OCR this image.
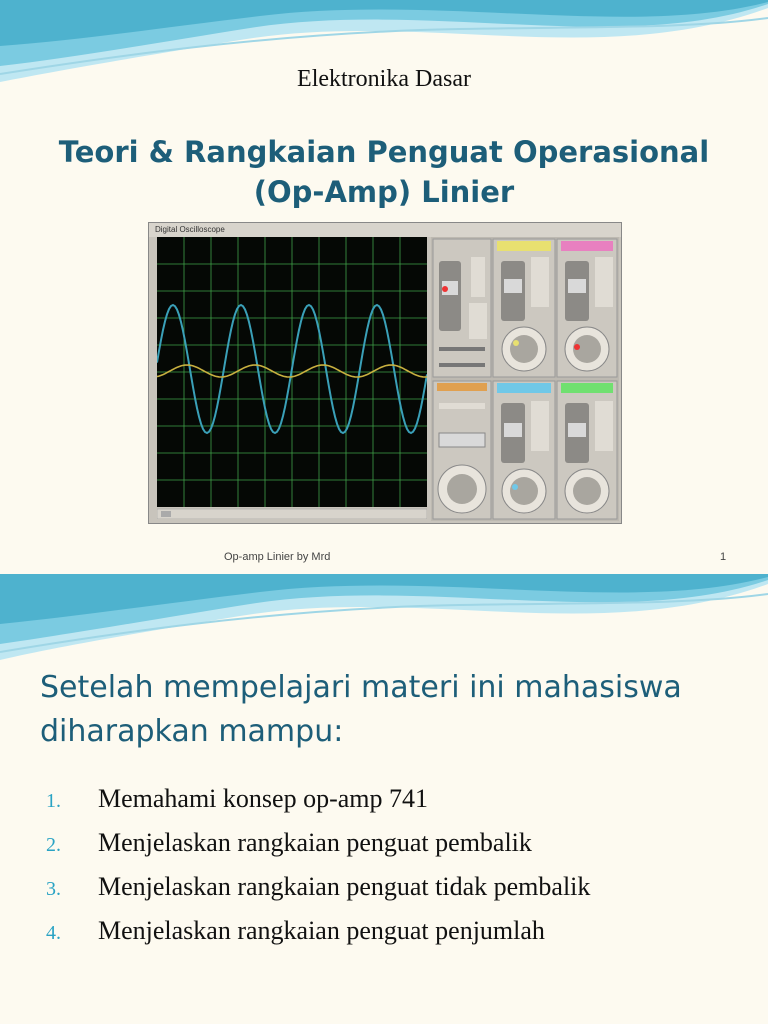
Elektronika Dasar
Teori & Rangkaian Penguat Operasional
(Op-Amp) Linier
Digital Oscilloscope
Op-amp Linier by Mrd	1
Setelah mempelajari materi ini mahasiswa diharapkan mampu:
1.	Memahami konsep op-amp 741
2.	Menjelaskan rangkaian penguat pembalik
3.	Menjelaskan rangkaian penguat tidak pembalik
4.	Menjelaskan rangkaian penguat penjumlah
